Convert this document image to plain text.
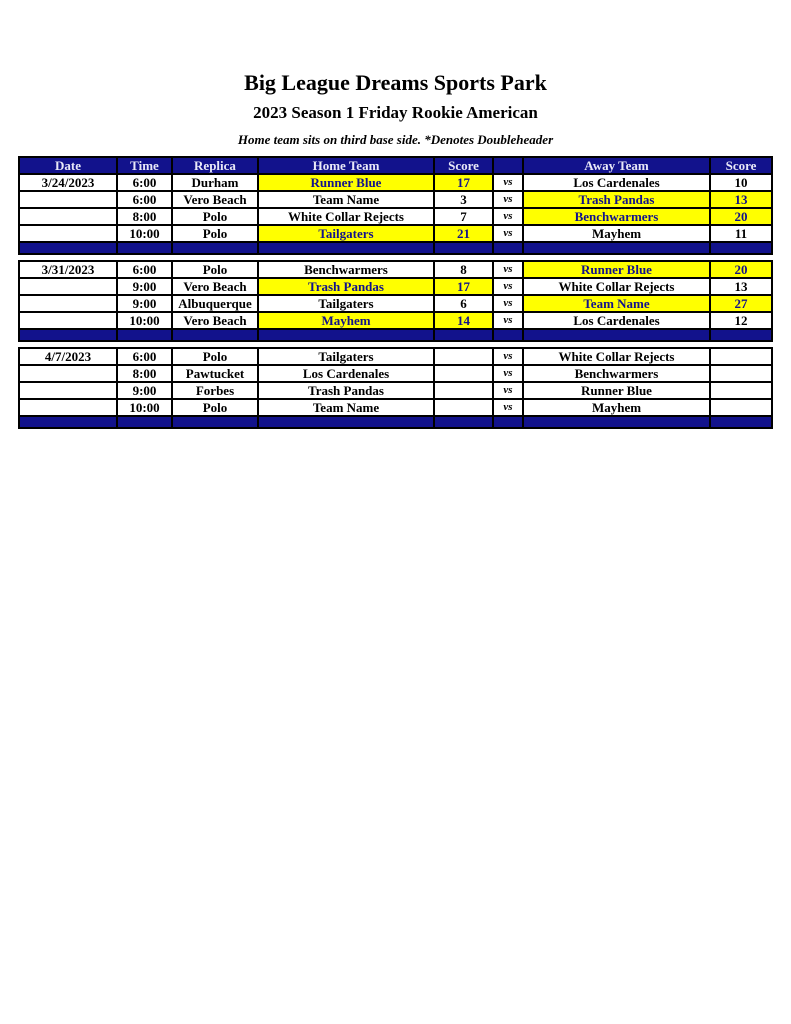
Big League Dreams Sports Park
2023 Season 1 Friday Rookie American
Home team sits on third base side. *Denotes Doubleheader
Date	Time	Replica	Home Team	Score		Away Team	Score
3/24/2023	6:00	Durham	Runner Blue	17	vs	Los Cardenales	10
	6:00	Vero Beach	Team Name	3	vs	Trash Pandas	13
	8:00	Polo	White Collar Rejects	7	vs	Benchwarmers	20
	10:00	Polo	Tailgaters	21	vs	Mayhem	11

3/31/2023	6:00	Polo	Benchwarmers	8	vs	Runner Blue	20
	9:00	Vero Beach	Trash Pandas	17	vs	White Collar Rejects	13
	9:00	Albuquerque	Tailgaters	6	vs	Team Name	27
	10:00	Vero Beach	Mayhem	14	vs	Los Cardenales	12

4/7/2023	6:00	Polo	Tailgaters		vs	White Collar Rejects	
	8:00	Pawtucket	Los Cardenales		vs	Benchwarmers	
	9:00	Forbes	Trash Pandas		vs	Runner Blue	
	10:00	Polo	Team Name		vs	Mayhem	
